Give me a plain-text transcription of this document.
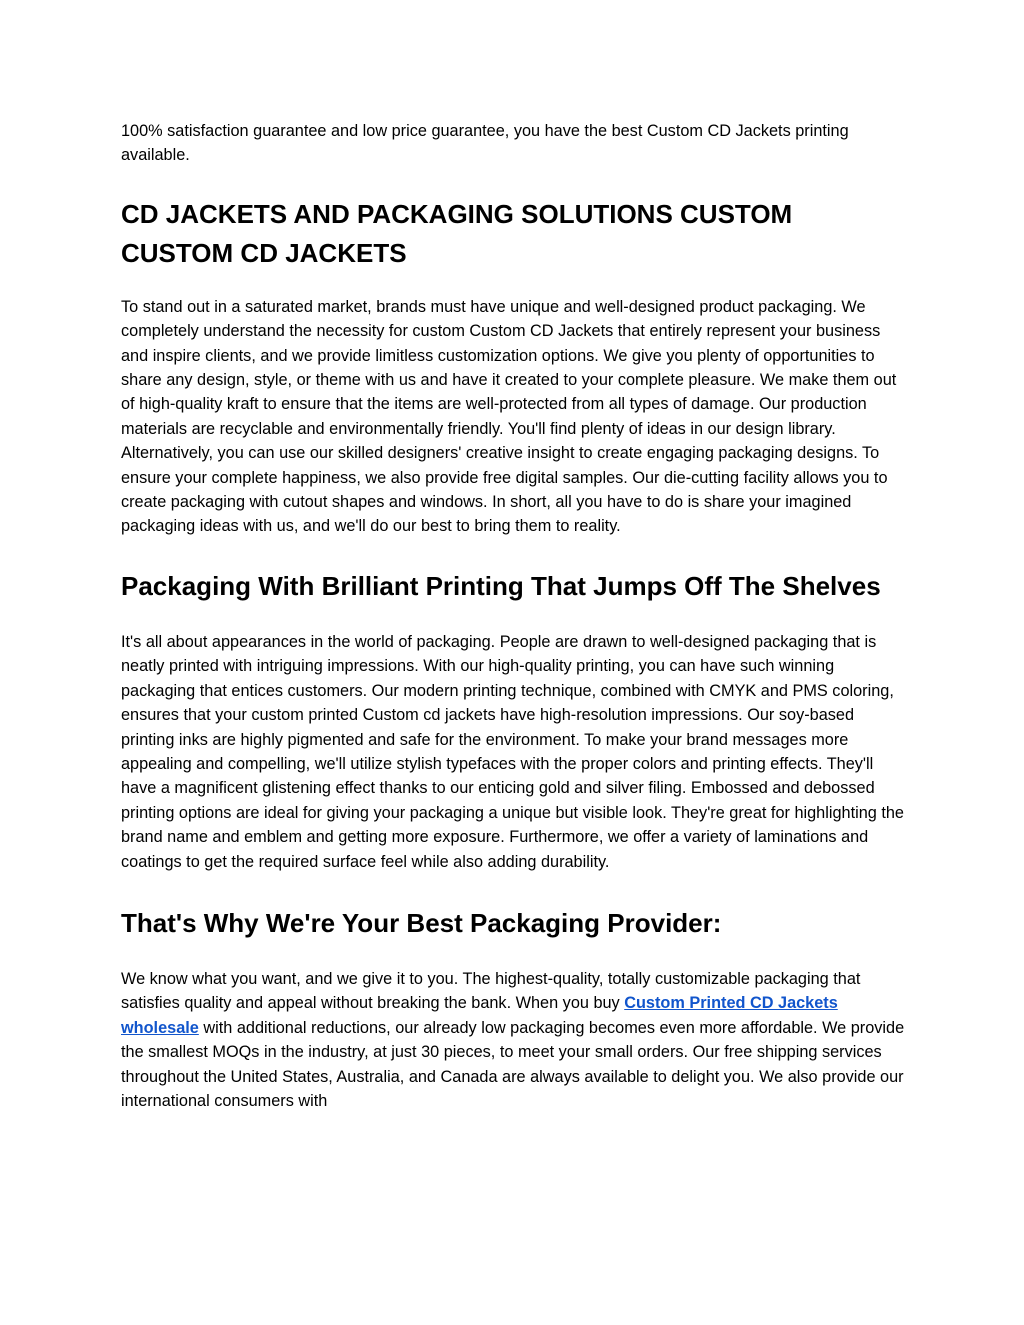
100% satisfaction guarantee and low price guarantee, you have the best Custom CD Jackets printing available.

CD JACKETS AND PACKAGING SOLUTIONS CUSTOM CUSTOM CD JACKETS

To stand out in a saturated market, brands must have unique and well-designed product packaging. We completely understand the necessity for custom Custom CD Jackets that entirely represent your business and inspire clients, and we provide limitless customization options. We give you plenty of opportunities to share any design, style, or theme with us and have it created to your complete pleasure. We make them out of high-quality kraft to ensure that the items are well-protected from all types of damage. Our production materials are recyclable and environmentally friendly. You'll find plenty of ideas in our design library. Alternatively, you can use our skilled designers' creative insight to create engaging packaging designs. To ensure your complete happiness, we also provide free digital samples. Our die-cutting facility allows you to create packaging with cutout shapes and windows. In short, all you have to do is share your imagined packaging ideas with us, and we'll do our best to bring them to reality.

Packaging With Brilliant Printing That Jumps Off The Shelves

It's all about appearances in the world of packaging. People are drawn to well-designed packaging that is neatly printed with intriguing impressions. With our high-quality printing, you can have such winning packaging that entices customers. Our modern printing technique, combined with CMYK and PMS coloring, ensures that your custom printed Custom cd jackets have high-resolution impressions. Our soy-based printing inks are highly pigmented and safe for the environment. To make your brand messages more appealing and compelling, we'll utilize stylish typefaces with the proper colors and printing effects. They'll have a magnificent glistening effect thanks to our enticing gold and silver filing. Embossed and debossed printing options are ideal for giving your packaging a unique but visible look. They're great for highlighting the brand name and emblem and getting more exposure. Furthermore, we offer a variety of laminations and coatings to get the required surface feel while also adding durability.

That's Why We're Your Best Packaging Provider:

We know what you want, and we give it to you. The highest-quality, totally customizable packaging that satisfies quality and appeal without breaking the bank. When you buy Custom Printed CD Jackets wholesale with additional reductions, our already low packaging becomes even more affordable. We provide the smallest MOQs in the industry, at just 30 pieces, to meet your small orders. Our free shipping services throughout the United States, Australia, and Canada are always available to delight you. We also provide our international consumers with
